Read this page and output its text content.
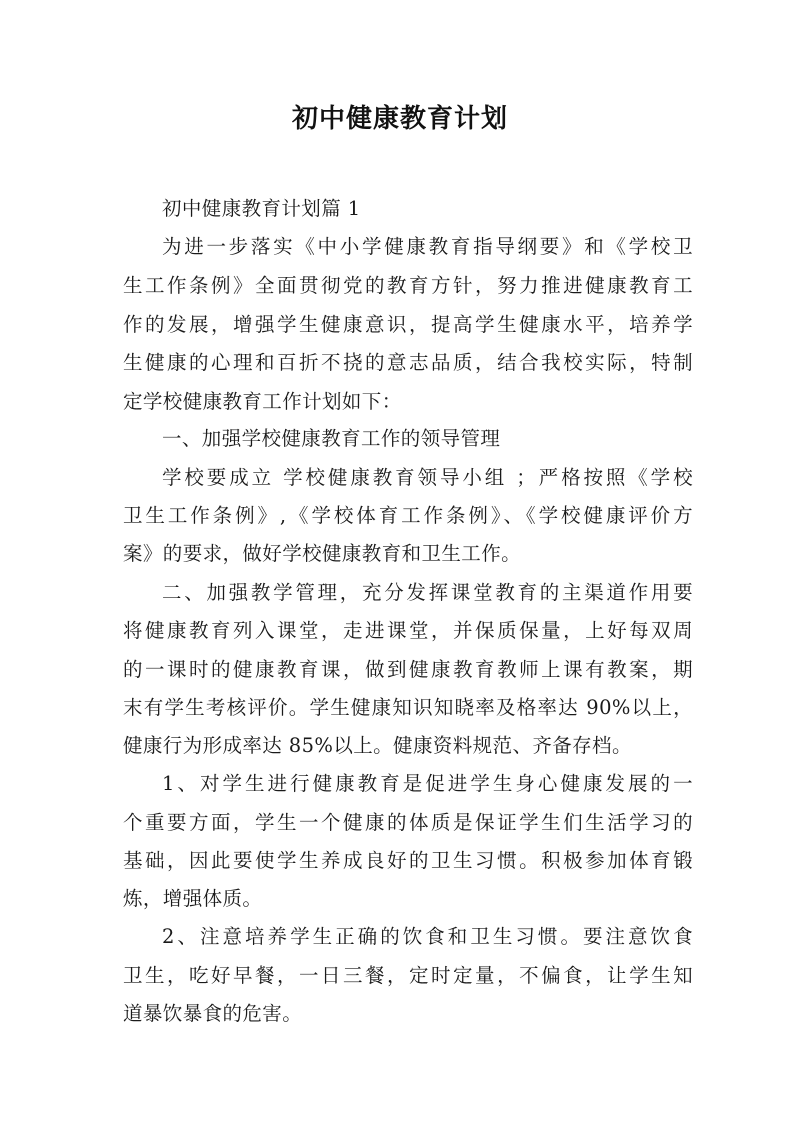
初中健康教育计划
初中健康教育计划篇 1
为进一步落实《中小学健康教育指导纲要》和《学校卫
生工作条例》全面贯彻党的教育方针，努力推进健康教育工
作的发展，增强学生健康意识，提高学生健康水平，培养学
生健康的心理和百折不挠的意志品质，结合我校实际，特制
定学校健康教育工作计划如下：
一、加强学校健康教育工作的领导管理
学校要成立 学校健康教育领导小组 ；严格按照《学校
卫生工作条例》,《学校体育工作条例》、《学校健康评价方
案》的要求，做好学校健康教育和卫生工作。
二、加强教学管理，充分发挥课堂教育的主渠道作用要
将健康教育列入课堂，走进课堂，并保质保量，上好每双周
的一课时的健康教育课，做到健康教育教师上课有教案，期
末有学生考核评价。学生健康知识知晓率及格率达 90%以上，
健康行为形成率达 85%以上。健康资料规范、齐备存档。
1、对学生进行健康教育是促进学生身心健康发展的一
个重要方面，学生一个健康的体质是保证学生们生活学习的
基础，因此要使学生养成良好的卫生习惯。积极参加体育锻
炼，增强体质。
2、注意培养学生正确的饮食和卫生习惯。要注意饮食
卫生，吃好早餐，一日三餐，定时定量，不偏食，让学生知
道暴饮暴食的危害。
